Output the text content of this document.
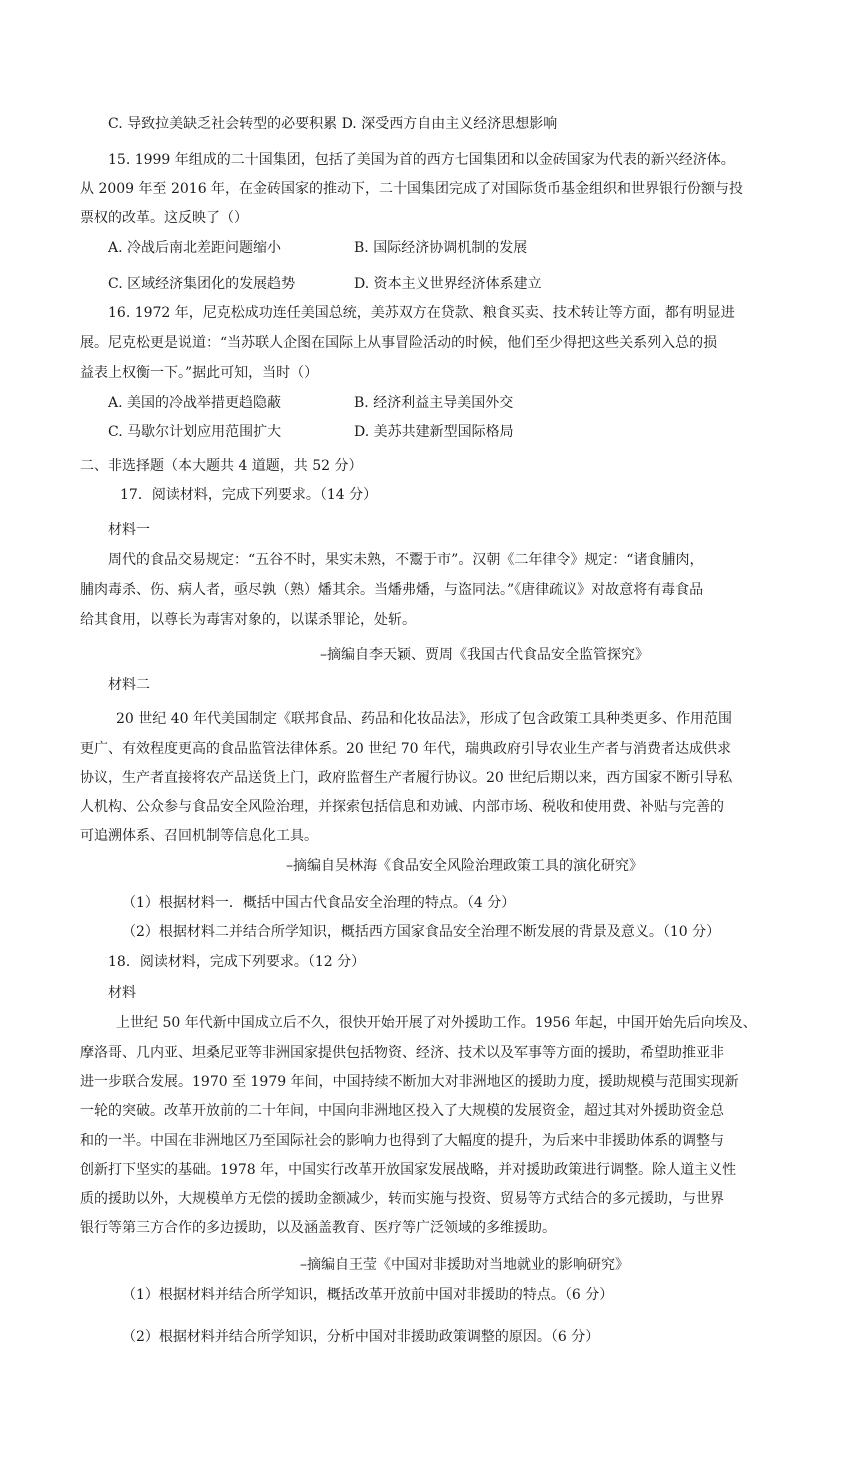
C. 导致拉美缺乏社会转型的必要积累 D. 深受西方自由主义经济思想影响
15. 1999 年组成的二十国集团，包括了美国为首的西方七国集团和以金砖国家为代表的新兴经济体。
从 2009 年至 2016 年，在金砖国家的推动下，二十国集团完成了对国际货币基金组织和世界银行份额与投
票权的改革。这反映了（）
A. 冷战后南北差距问题缩小	B. 国际经济协调机制的发展
C. 区域经济集团化的发展趋势	D. 资本主义世界经济体系建立
16. 1972 年，尼克松成功连任美国总统，美苏双方在贷款、粮食买卖、技术转让等方面，都有明显进
展。尼克松更是说道：“当苏联人企图在国际上从事冒险活动的时候，他们至少得把这些关系列入总的损
益表上权衡一下。”据此可知，当时（）
A. 美国的冷战举措更趋隐蔽	B. 经济利益主导美国外交
C. 马歇尔计划应用范围扩大	D. 美苏共建新型国际格局
二、非选择题（本大题共 4 道题，共 52 分）
17．阅读材料，完成下列要求。（14 分）
材料一
周代的食品交易规定：“五谷不时，果实未熟，不鬻于市”。汉朝《二年律令》规定：“诸食脯肉，
脯肉毒杀、伤、病人者，亟尽孰（熟）燔其余。当燔弗燔，与盗同法。”《唐律疏议》对故意将有毒食品
给其食用，以尊长为毒害对象的，以谋杀罪论，处斩。
–摘编自李天颖、贾周《我国古代食品安全监管探究》
材料二
20 世纪 40 年代美国制定《联邦食品、药品和化妆品法》，形成了包含政策工具种类更多、作用范围
更广、有效程度更高的食品监管法律体系。20 世纪 70 年代，瑞典政府引导农业生产者与消费者达成供求
协议，生产者直接将农产品送货上门，政府监督生产者履行协议。20 世纪后期以来，西方国家不断引导私
人机构、公众参与食品安全风险治理，并探索包括信息和劝诫、内部市场、税收和使用费、补贴与完善的
可追溯体系、召回机制等信息化工具。
–摘编自吴林海《食品安全风险治理政策工具的演化研究》
（1）根据材料一．概括中国古代食品安全治理的特点。（4 分）
（2）根据材料二并结合所学知识，概括西方国家食品安全治理不断发展的背景及意义。（10 分）
18．阅读材料，完成下列要求。（12 分）
材料
上世纪 50 年代新中国成立后不久，很快开始开展了对外援助工作。1956 年起，中国开始先后向埃及、
摩洛哥、几内亚、坦桑尼亚等非洲国家提供包括物资、经济、技术以及军事等方面的援助，希望助推亚非
进一步联合发展。1970 至 1979 年间，中国持续不断加大对非洲地区的援助力度，援助规模与范围实现新
一轮的突破。改革开放前的二十年间，中国向非洲地区投入了大规模的发展资金，超过其对外援助资金总
和的一半。中国在非洲地区乃至国际社会的影响力也得到了大幅度的提升，为后来中非援助体系的调整与
创新打下坚实的基础。1978 年，中国实行改革开放国家发展战略，并对援助政策进行调整。除人道主义性
质的援助以外，大规模单方无偿的援助金额减少，转而实施与投资、贸易等方式结合的多元援助，与世界
银行等第三方合作的多边援助，以及涵盖教育、医疗等广泛领域的多维援助。
–摘编自王莹《中国对非援助对当地就业的影响研究》
（1）根据材料并结合所学知识，概括改革开放前中国对非援助的特点。（6 分）
（2）根据材料并结合所学知识，分析中国对非援助政策调整的原因。（6 分）
